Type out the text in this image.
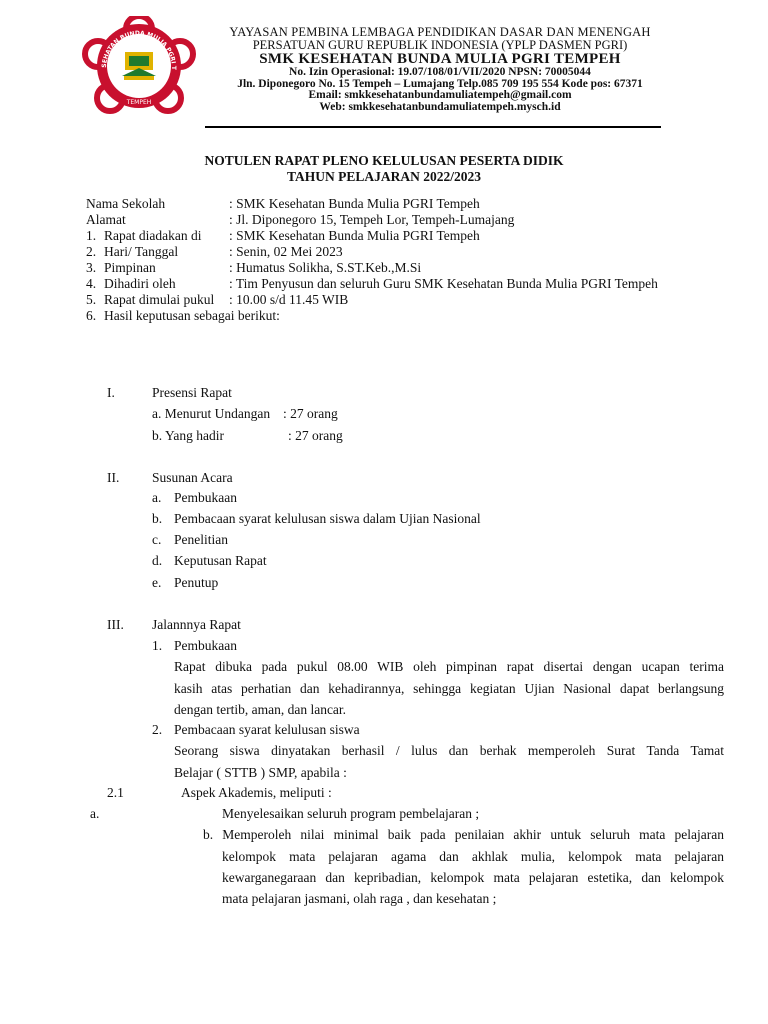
SEHATAN BUNDA MULIA PGRI T
TEMPEH
YAYASAN PEMBINA LEMBAGA PENDIDIKAN DASAR DAN MENENGAH
PERSATUAN GURU REPUBLIK INDONESIA (YPLP DASMEN PGRI)
SMK KESEHATAN BUNDA MULIA PGRI TEMPEH
No. Izin Operasional: 19.07/108/01/VII/2020 NPSN: 70005044
Jln. Diponegoro No. 15 Tempeh – Lumajang Telp.085 709 195 554 Kode pos: 67371
Email: smkkesehatanbundamuliatempeh@gmail.com
Web: smkkesehatanbundamuliatempeh.mysch.id
NOTULEN RAPAT PLENO KELULUSAN PESERTA DIDIK
TAHUN PELAJARAN 2022/2023
Nama Sekolah	: SMK Kesehatan Bunda Mulia PGRI Tempeh
Alamat	: Jl. Diponegoro 15, Tempeh Lor, Tempeh-Lumajang
1. Rapat diadakan di : SMK Kesehatan Bunda Mulia PGRI Tempeh
2. Hari/ Tanggal	: Senin, 02 Mei 2023
3. Pimpinan	: Humatus Solikha, S.ST.Keb.,M.Si
4. Dihadiri oleh	: Tim Penyusun dan seluruh Guru SMK Kesehatan Bunda Mulia PGRI Tempeh
5. Rapat dimulai pukul : 10.00 s/d 11.45 WIB
6. Hasil keputusan sebagai berikut:
I.	Presensi Rapat
a. Menurut Undangan : 27 orang
b. Yang hadir	: 27 orang
II. Susunan Acara
a. Pembukaan
b. Pembacaan syarat kelulusan siswa dalam Ujian Nasional
c. Penelitian
d. Keputusan Rapat
e. Penutup
III. Jalannnya Rapat
1. Pembukaan
Rapat dibuka pada pukul 08.00 WIB oleh pimpinan rapat disertai dengan ucapan terima
kasih atas perhatian dan kehadirannya, sehingga kegiatan Ujian Nasional dapat berlangsung
dengan tertib, aman, dan lancar.
2. Pembacaan syarat kelulusan siswa
Seorang siswa dinyatakan berhasil / lulus dan berhak memperoleh Surat Tanda Tamat
Belajar ( STTB ) SMP, apabila :
2.1	Aspek Akademis, meliputi :
a.	Menyelesaikan seluruh program pembelajaran ;
b. Memperoleh nilai minimal baik pada penilaian akhir untuk seluruh mata pelajaran
kelompok mata pelajaran agama dan akhlak mulia, kelompok mata pelajaran
kewarganegaraan dan kepribadian, kelompok mata pelajaran estetika, dan kelompok
mata pelajaran jasmani, olah raga , dan kesehatan ;
